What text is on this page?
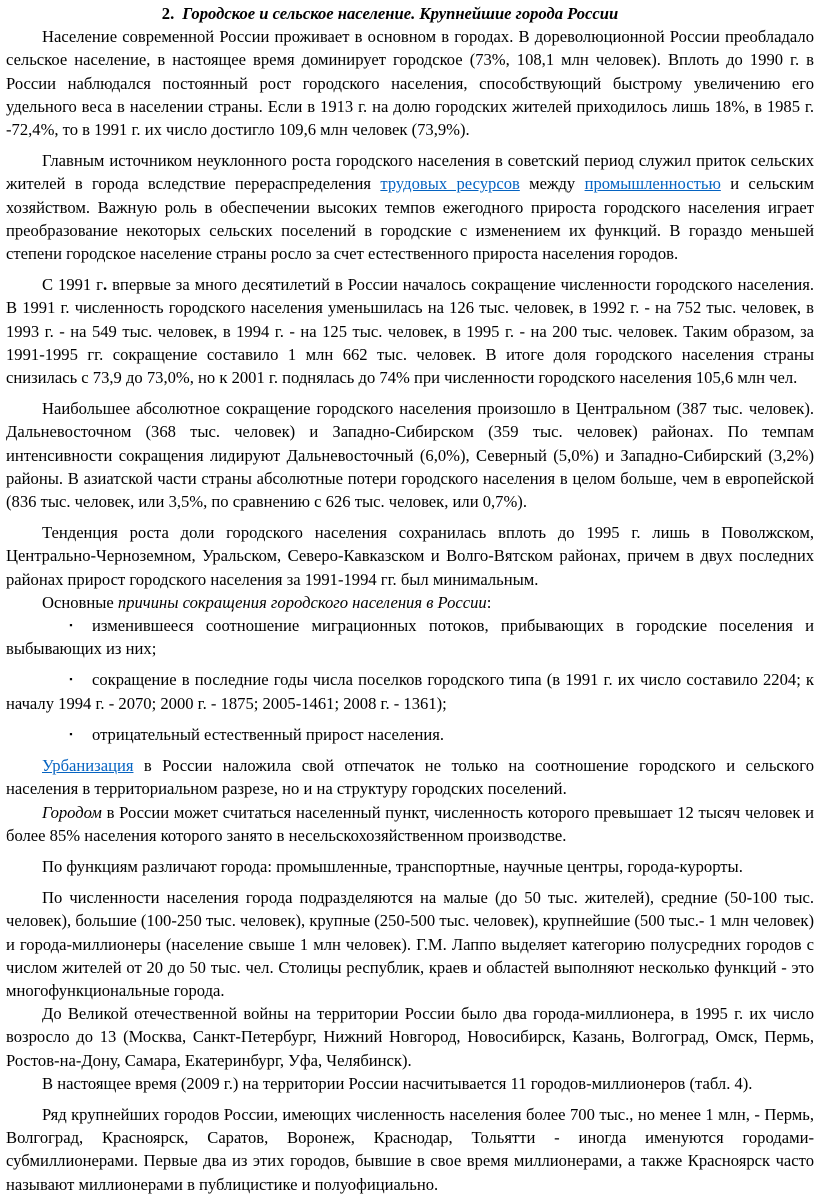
2. Городское и сельское население. Крупнейшие города России

Население современной России проживает в основном в городах. В дореволюционной России преобладало сельское население, в настоящее время доминирует городское (73%, 108,1 млн человек). Вплоть до 1990 г. в России наблюдался постоянный рост городского населения, способствующий быстрому увеличению его удельного веса в населении страны. Если в 1913 г. на долю городских жителей приходилось лишь 18%, в 1985 г. -72,4%, то в 1991 г. их число достигло 109,6 млн человек (73,9%).

Главным источником неуклонного роста городского населения в советский период служил приток сельских жителей в города вследствие перераспределения трудовых ресурсов между промышленностью и сельским хозяйством. Важную роль в обеспечении высоких темпов ежегодного прироста городского населения играет преобразование некоторых сельских поселений в городские с изменением их функций. В гораздо меньшей степени городское население страны росло за счет естественного прироста населения городов.

С 1991 г. впервые за много десятилетий в России началось сокращение численности городского населения. В 1991 г. численность городского населения уменьшилась на 126 тыс. человек, в 1992 г. - на 752 тыс. человек, в 1993 г. - на 549 тыс. человек, в 1994 г. - на 125 тыс. человек, в 1995 г. - на 200 тыс. человек. Таким образом, за 1991-1995 гг. сокращение составило 1 млн 662 тыс. человек. В итоге доля городского населения страны снизилась с 73,9 до 73,0%, но к 2001 г. поднялась до 74% при численности городского населения 105,6 млн чел.

Наибольшее абсолютное сокращение городского населения произошло в Центральном (387 тыс. человек). Дальневосточном (368 тыс. человек) и Западно-Сибирском (359 тыс. человек) районах. По темпам интенсивности сокращения лидируют Дальневосточный (6,0%), Северный (5,0%) и Западно-Сибирский (3,2%) районы. В азиатской части страны абсолютные потери городского населения в целом больше, чем в европейской (836 тыс. человек, или 3,5%, по сравнению с 626 тыс. человек, или 0,7%).

Тенденция роста доли городского населения сохранилась вплоть до 1995 г. лишь в Поволжском, Центрально-Черноземном, Уральском, Северо-Кавказском и Волго-Вятском районах, причем в двух последних районах прирост городского населения за 1991-1994 гг. был минимальным.

Основные причины сокращения городского населения в России:

▪	изменившееся соотношение миграционных потоков, прибывающих в городские поселения и выбывающих из них;

▪	сокращение в последние годы числа поселков городского типа (в 1991 г. их число составило 2204; к началу 1994 г. - 2070; 2000 г. - 1875; 2005-1461; 2008 г. - 1361);

▪	отрицательный естественный прирост населения.

Урбанизация в России наложила свой отпечаток не только на соотношение городского и сельского населения в территориальном разрезе, но и на структуру городских поселений.

Городом в России может считаться населенный пункт, численность которого превышает 12 тысяч человек и более 85% населения которого занято в несельскохозяйственном производстве.

По функциям различают города: промышленные, транспортные, научные центры, города-курорты.

По численности населения города подразделяются на малые (до 50 тыс. жителей), средние (50-100 тыс. человек), большие (100-250 тыс. человек), крупные (250-500 тыс. человек), крупнейшие (500 тыс.- 1 млн человек) и города-миллионеры (население свыше 1 млн человек). Г.М. Лаппо выделяет категорию полусредних городов с числом жителей от 20 до 50 тыс. чел. Столицы республик, краев и областей выполняют несколько функций - это многофункциональные города.

До Великой отечественной войны на территории России было два города-миллионера, в 1995 г. их число возросло до 13 (Москва, Санкт-Петербург, Нижний Новгород, Новосибирск, Казань, Волгоград, Омск, Пермь, Ростов-на-Дону, Самара, Екатеринбург, Уфа, Челябинск).

В настоящее время (2009 г.) на территории России насчитывается 11 городов-миллионеров (табл. 4).

Ряд крупнейших городов России, имеющих численность населения более 700 тыс., но менее 1 млн, - Пермь, Волгоград, Красноярск, Саратов, Воронеж, Краснодар, Тольятти - иногда именуются городами-субмиллионерами. Первые два из этих городов, бывшие в свое время миллионерами, а также Красноярск часто называют миллионерами в публицистике и полуофициально.
